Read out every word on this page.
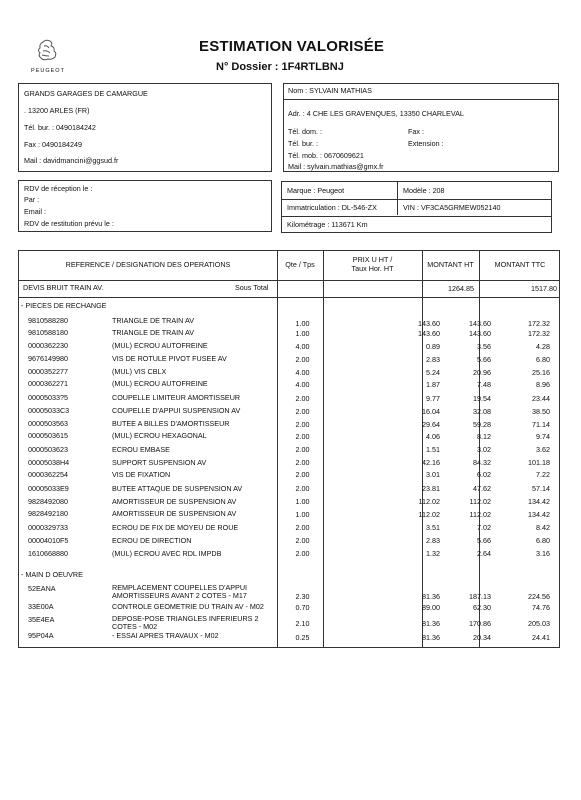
PEUGEOT
ESTIMATION VALORISÉE
N° Dossier : 1F4RTLBNJ
GRANDS GARAGES DE CAMARGUE
. 13200 ARLES (FR)
Tél. bur. : 0490184242
Fax : 0490184249
Mail : davidmancini@ggsud.fr
Nom : SYLVAIN MATHIAS
Adr. : 4 CHE LES GRAVENQUES, 13350 CHARLEVAL
Tél. dom. :	Fax :
Tél. bur. :	Extension :
Tél. mob. : 0670609621
Mail : sylvain.mathias@gmx.fr
RDV de réception le :
Par :
Email :
RDV de restitution prévu le :
Marque : Peugeot	Modèle : 208
Immatriculation : DL-546-ZX	VIN : VF3CA5GRMEW052140
Kilométrage : 113671 Km
REFERENCE / DESIGNATION DES OPERATIONS	Qte / Tps
PRIX U HT /
Taux Hor. HT	MONTANT HT	MONTANT TTC
DEVIS BRUIT TRAIN AV.	Sous Total	1264.85	1517.80
- PIECES DE RECHANGE
9810588280	TRIANGLE DE TRAIN AV	1.00	143.60	143.60	172.32
9810588180	TRIANGLE DE TRAIN AV	1.00	143.60	143.60	172.32
0000362230	(MUL) ECROU AUTOFREINE	4.00	0.89	3.56	4.28
9676149980	VIS DE ROTULE PIVOT FUSEE AV	2.00	2.83	5.66	6.80
0000352277	(MUL) VIS CBLX	4.00	5.24	20.96	25.16
0000362271	(MUL) ECROU AUTOFREINE	4.00	1.87	7.48	8.96
00005033?5	COUPELLE LIMITEUR AMORTISSEUR	2.00	9.77	19.54	23.44
00005033C3	COUPELLE D'APPUI SUSPENSION AV	2.00	16.04	32.08	38.50
0000503563	BUTEE A BILLES D'AMORTISSEUR	2.00	29.64	59.28	71.14
0000503615	(MUL) ECROU HEXAGONAL	2.00	4.06	8.12	9.74
0000503623	ECROU EMBASE	2.00	1.51	3.02	3.62
00005038H4	SUPPORT SUSPENSION AV	2.00	42.16	84.32	101.18
0000362254	VIS DE FIXATION	2.00	3.01	6.02	7.22
00005033E9	BUTEE ATTAQUE DE SUSPENSION AV	2.00	23.81	47.62	57.14
9828492080	AMORTISSEUR DE SUSPENSION AV	1.00	112.02	112.02	134.42
9828492180	AMORTISSEUR DE SUSPENSION AV	1.00	112.02	112.02	134.42
0000329733	ECROU DE FIX DE MOYEU DE ROUE	2.00	3.51	7.02	8.42
00004010F5	ECROU DE DIRECTION	2.00	2.83	5.66	6.80
1610668880	(MUL) ECROU AVEC RDL IMPDB	2.00	1.32	2.64	3.16
- MAIN D OEUVRE
52EANA	REMPLACEMENT COUPELLES D'APPUI
AMORTISSEURS AVANT 2 COTES - M17	2.30	81.36	187.13	224.56
33E00A	CONTROLE GEOMETRIE DU TRAIN AV - M02	0.70	89.00	62.30	74.76
35E4EA	DEPOSE-POSE TRIANGLES INFERIEURS 2
COTES - M02	2.10	81.36	170.86	205.03
95P04A	- ESSAI APRES TRAVAUX - M02	0.25	81.36	20.34	24.41
